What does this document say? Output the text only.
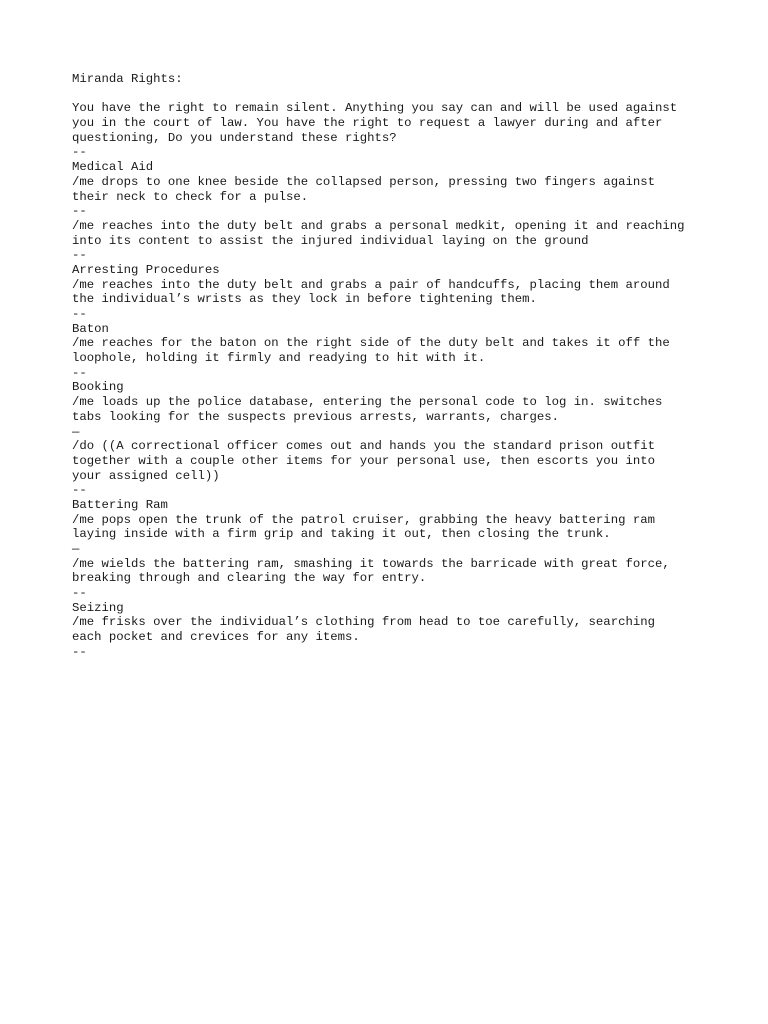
Miranda Rights:
You have the right to remain silent. Anything you say can and will be used against
you in the court of law. You have the right to request a lawyer during and after
questioning, Do you understand these rights?
--
Medical Aid
/me drops to one knee beside the collapsed person, pressing two fingers against
their neck to check for a pulse.
--
/me reaches into the duty belt and grabs a personal medkit, opening it and reaching
into its content to assist the injured individual laying on the ground
--
Arresting Procedures
/me reaches into the duty belt and grabs a pair of handcuffs, placing them around
the individual’s wrists as they lock in before tightening them.
--
Baton
/me reaches for the baton on the right side of the duty belt and takes it off the
loophole, holding it firmly and readying to hit with it.
--
Booking
/me loads up the police database, entering the personal code to log in. switches
tabs looking for the suspects previous arrests, warrants, charges.
—
/do ((A correctional officer comes out and hands you the standard prison outfit
together with a couple other items for your personal use, then escorts you into
your assigned cell))
--
Battering Ram
/me pops open the trunk of the patrol cruiser, grabbing the heavy battering ram
laying inside with a firm grip and taking it out, then closing the trunk.
—
/me wields the battering ram, smashing it towards the barricade with great force,
breaking through and clearing the way for entry.
--
Seizing
/me frisks over the individual’s clothing from head to toe carefully, searching
each pocket and crevices for any items.
--
